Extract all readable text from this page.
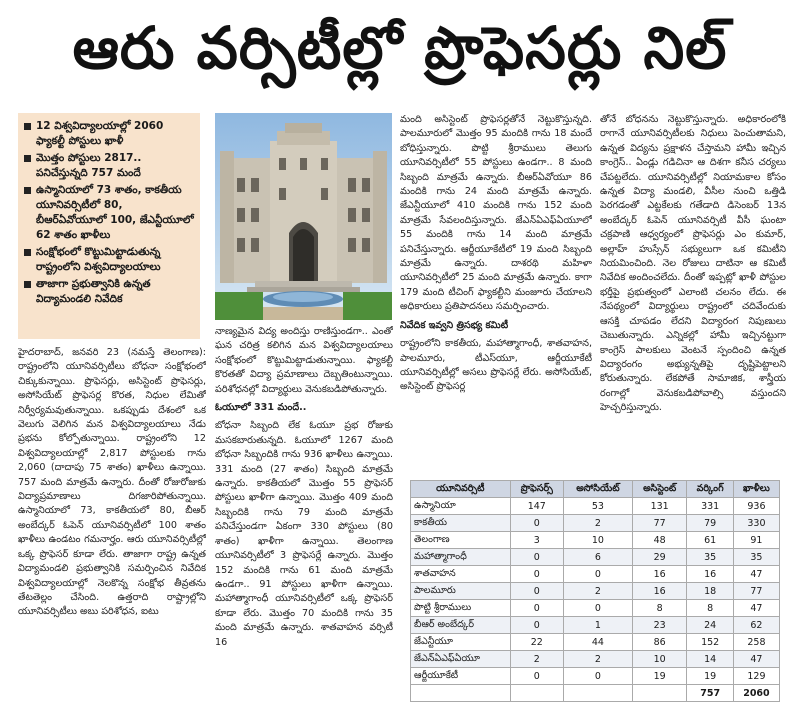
ఆరు వర్సిటీల్లో ప్రొఫెసర్లు నిల్
12 విశ్వవిద్యాలయాల్లో 2060 ఫ్యాకల్టీ పోస్టులు ఖాళీ
మొత్తం పోస్టులు 2817.. పనిచేస్తున్నది 757 మందే
ఉస్మానియాలో 73 శాతం, కాకతీయ యూనివర్సిటీలో 80, బీఆర్ఏవోయూలో 100, జేఎన్టీయూలో 62 శాతం ఖాళీలు
సంక్షోభంలో కొట్టుమిట్టాడుతున్న రాష్ట్రంలోని విశ్వవిద్యాలయాలు
తాజాగా ప్రభుత్వానికి ఉన్నత విద్యామండలి నివేదిక

హైదరాబాద్, జనవరి 23 (నమస్తే తెలంగాణ): రాష్ట్రంలోని యూనివర్సిటీలు బోధనా సంక్షోభంలో చిక్కుకున్నాయి. ప్రొఫెసర్లు, అసిస్టెంట్ ప్రొఫెసర్లు, అసోసియేట్ ప్రొఫెసర్ల కొరత, నిధుల లేమితో నిర్వీర్యమవుతున్నాయి. ఒకప్పుడు దేశంలో ఒక వెలుగు వెలిగిన మన విశ్వవిద్యాలయాలు నేడు ప్రభను కోల్పోతున్నాయి. రాష్ట్రంలోని 12 విశ్వవిద్యాలయాల్లో 2,817 పోస్టులకు గాను 2,060 (దాదాపు 75 శాతం) ఖాళీలు ఉన్నాయి. 757 మంది మాత్రమే ఉన్నారు. దీంతో రోజురోజుకు విద్యాప్రమాణాలు దిగజారిపోతున్నాయి. ఉస్మానియాలో 73, కాకతీయలో 80, బీఆర్ అంబేద్కర్ ఓపెన్ యూనివర్సిటీలో 100 శాతం ఖాళీలు ఉండటం గమనార్హం. ఆరు యూనివర్సిటీల్లో ఒక్క ప్రొఫెసర్ కూడా లేరు. తాజాగా రాష్ట్ర ఉన్నత విద్యామండలి ప్రభుత్వానికి సమర్పించిన నివేదిక విశ్వవిద్యాలయాల్లో నెలకొన్న సంక్షోభ తీవ్రతను తేటతెల్లం చేసింది. ఉత్తరాది రాష్ట్రాల్లోని యూనివర్సిటీలు అబు పరిశోధన, ఐటు

నాణ్యమైన విద్య అందిస్తు రాణిస్తుండగా.. ఎంతో ఘన చరిత్ర కలిగిన మన విశ్వవిద్యాలయాలు సంక్షోభంలో కొట్టుమిట్టాడుతున్నాయి. ఫ్యాకల్టీ కొరతతో విద్యా ప్రమాణాలు దెబ్బతింటున్నాయి. పరిశోధనల్లో విద్యార్థులు వెనుకబడిపోతున్నారు.

ఓయూలో 331 మందే..

బోధనా సిబ్బంది లేక ఓయూ ప్రభ రోజుకు మసకబారుతున్నది. ఓయూలో 1267 మంది బోధనా సిబ్బందికి గాను 936 ఖాళీలు ఉన్నాయి. 331 మంది (27 శాతం) సిబ్బంది మాత్రమే ఉన్నారు. కాకతీయలో మొత్తం 55 ప్రొఫెసర్ పోస్టులు ఖాళీగా ఉన్నాయి. మొత్తం 409 మంది సిబ్బందికి గాను 79 మంది మాత్రమే పనిచేస్తుండగా ఏకంగా 330 పోస్టులు (80 శాతం) ఖాళీగా ఉన్నాయి. తెలంగాణ యూనివర్సిటీలో 3 ప్రొఫెసర్లే ఉన్నారు. మొత్తం 152 మందికి గాను 61 మంది మాత్రమే ఉండగా.. 91 పోస్టులు ఖాళీగా ఉన్నాయి. మహాత్మాగాంధీ యూనివర్సిటీలో ఒక్క ప్రొఫెసర్ కూడా లేరు. మొత్తం 70 మందికి గాను 35 మంది మాత్రమే ఉన్నారు. శాతవాహన వర్సిటీ 16

మంది అసిస్టెంట్ ప్రొఫెసర్లతోనే నెట్టుకొస్తున్నది. పాలమూరులో మొత్తం 95 మందికి గాను 18 మందే బోధిస్తున్నారు. పొట్టి శ్రీరాములు తెలుగు యూనివర్సిటీలో 55 పోస్టులు ఉండగా.. 8 మంది సిబ్బంది మాత్రమే ఉన్నారు. బీఆర్ఏవోయూ 86 మందికి గాను 24 మంది మాత్రమే ఉన్నారు. జేఎన్టీయూలో 410 మందికి గాను 152 మంది మాత్రమే సేవలందిస్తున్నారు. జేఎన్ఏఎఫ్ఏయూలో 55 మందికి గాను 14 మంది మాత్రమే పనిచేస్తున్నారు. ఆర్జీయూకేటీలో 19 మంది సిబ్బంది మాత్రమే ఉన్నారు. దాశరథి మహిళా యూనివర్సిటీలో 25 మంది మాత్రమే ఉన్నారు. కాగా 179 మంది టీచింగ్ ఫ్యాకల్టీని మంజూరు చేయాలని అధికారులు ప్రతిపాదనలు సమర్పించారు.

నివేదిక ఇవ్వని త్రిసభ్య కమిటీ

రాష్ట్రంలోని కాకతీయ, మహాత్మాగాంధీ, శాతవాహన, పాలమూరు, టీఎస్‌యూ, ఆర్జీయూకేటీ యూనివర్సిటీల్లో అసలు ప్రొఫెసర్లే లేరు. అసోసియేట్, అసిస్టెంట్ ప్రొఫెసర్ల

తోనే బోధనను నెట్టుకొస్తున్నారు. అధికారంలోకి రాగానే యూనివర్సిటీలకు నిధులు పెంచుతామని, ఉన్నత విద్యను ప్రక్షాళన చేస్తామని హామీ ఇచ్చిన కాంగ్రెస్.. ఏండ్లు గడిచినా ఆ దిశగా కనీస చర్యలు చేపట్టలేదు. యూనివర్సిటీల్లో నియామకాల కోసం ఉన్నత విద్యా మండలి, వీసీల నుంచి ఒత్తిడి పెరగడంతో ఎట్టకేలకు గతేడాది డిసెంబర్ 13న అంబేద్కర్ ఓపెన్ యూనివర్సిటీ వీసీ ఘంటా చక్రపాణి ఆధ్వర్యంలో ప్రొఫెసర్లు ఎం కుమార్, అల్లాహ్ హుస్సేన్ సభ్యులుగా ఒక కమిటీని నియమించింది. నెల రోజులు దాటినా ఆ కమిటీ నివేదిక అందించలేదు. దీంతో ఇప్పట్లో ఖాళీ పోస్టుల భర్తీపై ప్రభుత్వంలో ఎలాంటి చలనం లేదు. ఈ నేపథ్యంలో విద్యార్థులు రాష్ట్రంలో చదివేందుకు ఆసక్తి చూపడం లేదని విద్యారంగ నిపుణులు చెబుతున్నారు. ఎన్నికల్లో హామీ ఇచ్చినట్టుగా కాంగ్రెస్ పాలకులు వెంటనే స్పందించి ఉన్నత విద్యారంగం అభ్యున్నతిపై దృష్టిపెట్టాలని కోరుతున్నారు. లేకపోతే సామాజిక, శాస్త్రీయ రంగాల్లో వెనుకబడిపోవాల్సి వస్తుందని హెచ్చరిస్తున్నారు.

యూనివర్సిటీ	ప్రొఫెసర్స్	అసోసియేట్	అసిస్టెంట్	వర్కింగ్	ఖాళీలు
ఉస్మానియా	147	53	131	331	936
కాకతీయ	0	2	77	79	330
తెలంగాణ	3	10	48	61	91
మహాత్మాగాంధీ	0	6	29	35	35
శాతవాహన	0	0	16	16	47
పాలమూరు	0	2	16	18	77
పొట్టి శ్రీరాములు	0	0	8	8	47
బీఆర్ అంబేద్కర్	0	1	23	24	62
జేఎన్టీయూ	22	44	86	152	258
జేఎన్ఏఎఫ్ఏయూ	2	2	10	14	47
ఆర్జీయూకేటీ	0	0	19	19	129
				757	2060
